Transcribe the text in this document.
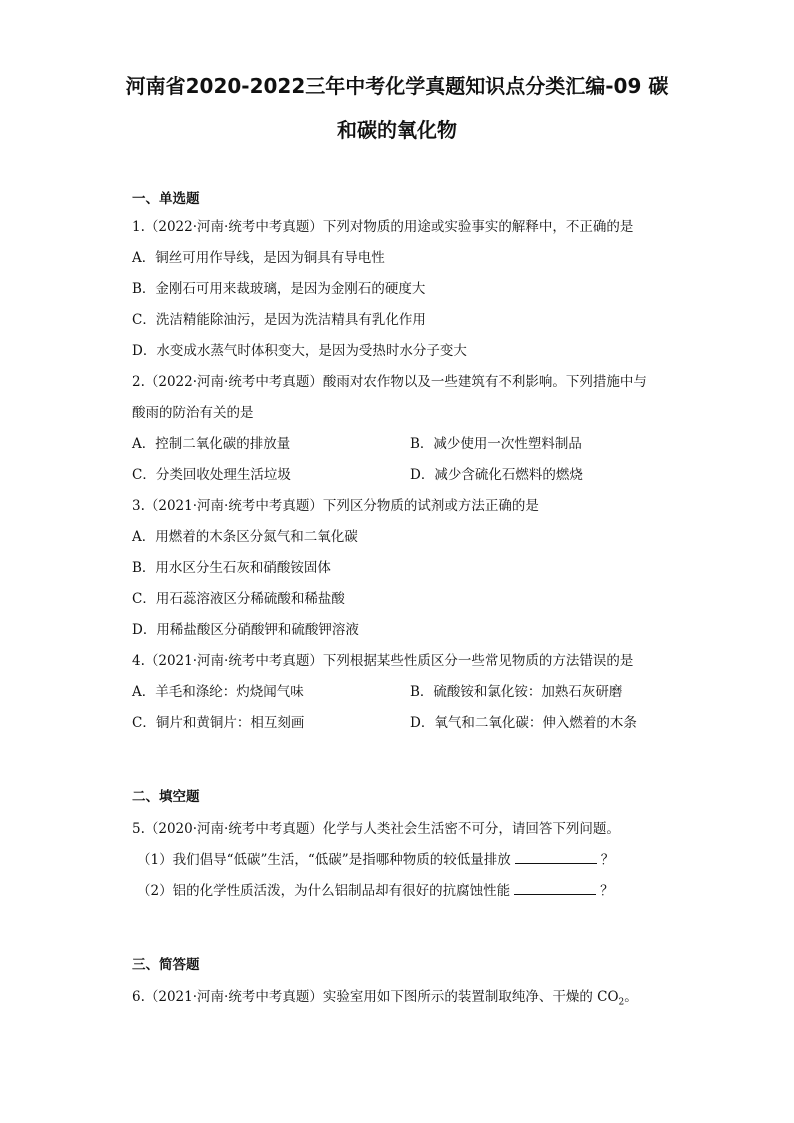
河南省2020-2022三年中考化学真题知识点分类汇编-09 碳
和碳的氧化物
一、单选题
1.（2022·河南·统考中考真题）下列对物质的用途或实验事实的解释中，不正确的是
A．铜丝可用作导线，是因为铜具有导电性
B．金刚石可用来裁玻璃，是因为金刚石的硬度大
C．洗洁精能除油污，是因为洗洁精具有乳化作用
D．水变成水蒸气时体积变大，是因为受热时水分子变大
2.（2022·河南·统考中考真题）酸雨对农作物以及一些建筑有不利影响。下列措施中与
酸雨的防治有关的是
A．控制二氧化碳的排放量	B．减少使用一次性塑料制品
C．分类回收处理生活垃圾	D．减少含硫化石燃料的燃烧
3.（2021·河南·统考中考真题）下列区分物质的试剂或方法正确的是
A．用燃着的木条区分氮气和二氧化碳
B．用水区分生石灰和硝酸铵固体
C．用石蕊溶液区分稀硫酸和稀盐酸
D．用稀盐酸区分硝酸钾和硫酸钾溶液
4.（2021·河南·统考中考真题）下列根据某些性质区分一些常见物质的方法错误的是
A．羊毛和涤纶：灼烧闻气味	B．硫酸铵和氯化铵：加熟石灰研磨
C．铜片和黄铜片：相互刻画	D．氧气和二氧化碳：伸入燃着的木条
二、填空题
5.（2020·河南·统考中考真题）化学与人类社会生活密不可分，请回答下列问题。
（1）我们倡导“低碳”生活，“低碳”是指哪种物质的较低量排放	？
（2）铝的化学性质活泼，为什么铝制品却有很好的抗腐蚀性能	？
三、简答题
6.（2021·河南·统考中考真题）实验室用如下图所示的装置制取纯净、干燥的 $CO_2$。
